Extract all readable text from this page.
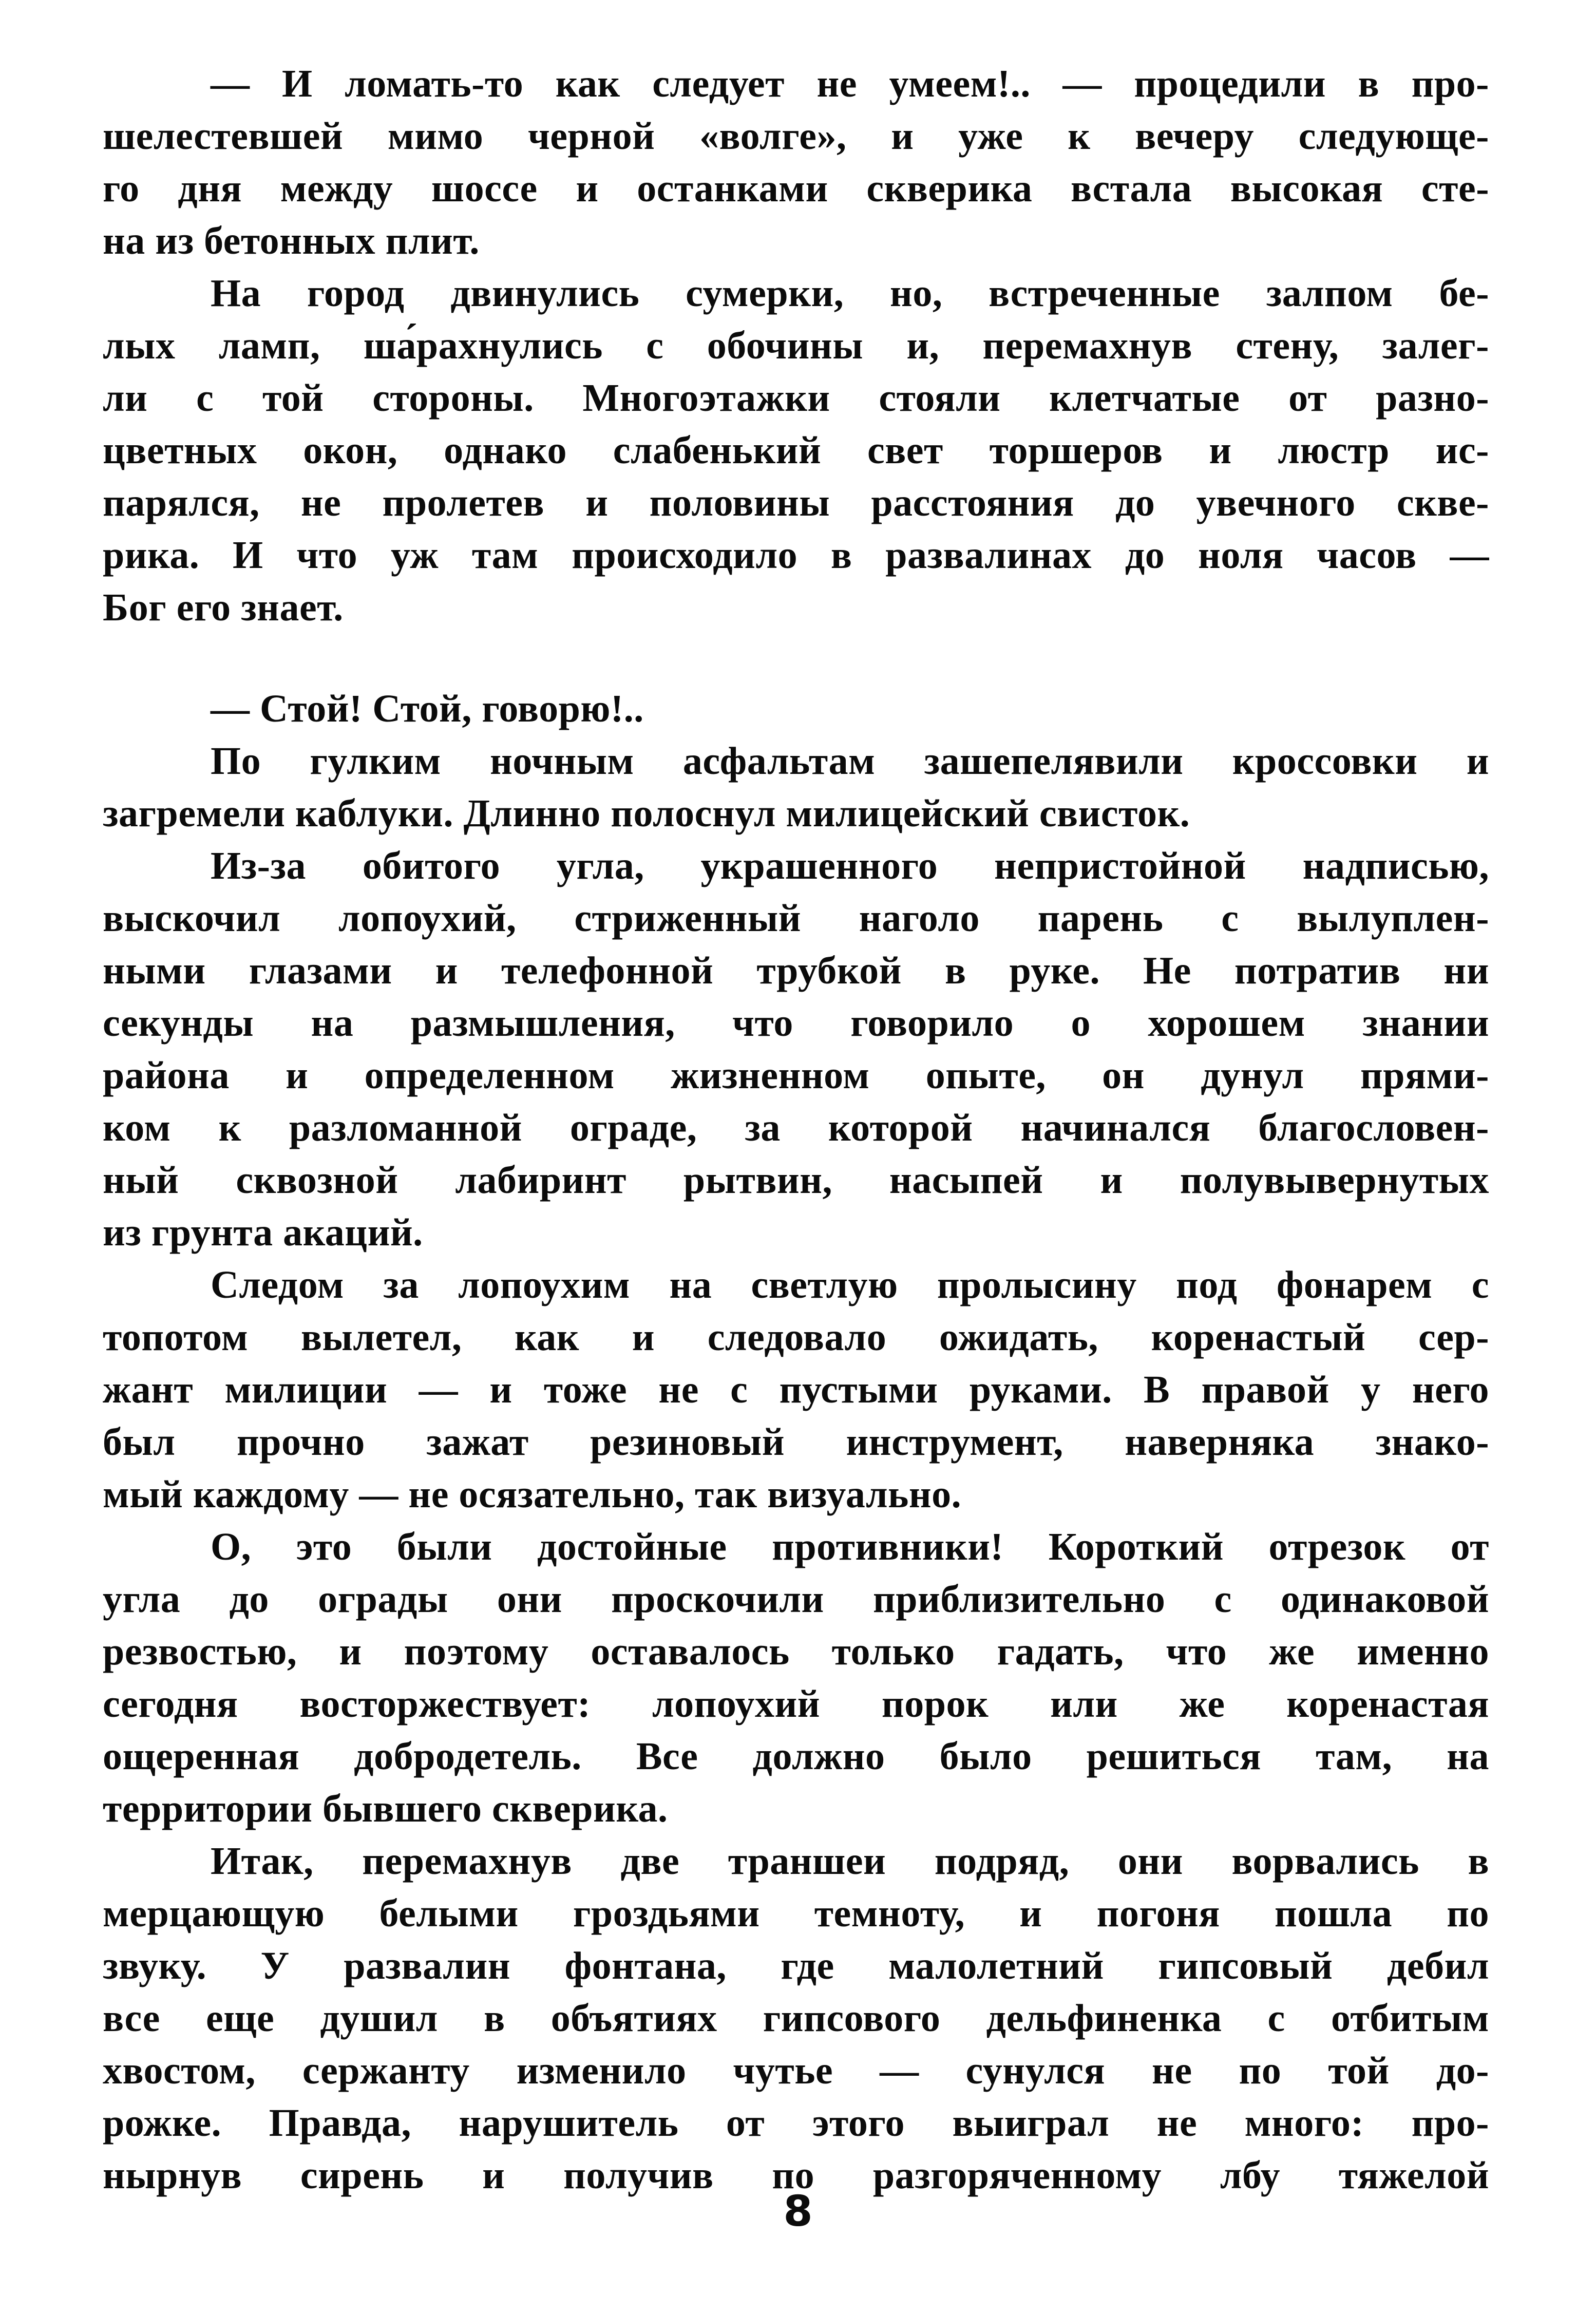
— И ломать-то как следует не умеем!.. — процедили в про-
шелестевшей мимо черной «волге», и уже к вечеру следующе-
го дня между шоссе и останками скверика встала высокая сте-
на из бетонных плит.
На город двинулись сумерки, но, встреченные залпом бе-
лых ламп, ша́рахнулись с обочины и, перемахнув стену, залег-
ли с той стороны. Многоэтажки стояли клетчатые от разно-
цветных окон, однако слабенький свет торшеров и люстр ис-
парялся, не пролетев и половины расстояния до увечного скве-
рика. И что уж там происходило в развалинах до ноля часов —
Бог его знает.
— Стой! Стой, говорю!..
По гулким ночным асфальтам зашепелявили кроссовки и
загремели каблуки. Длинно полоснул милицейский свисток.
Из-за обитого угла, украшенного непристойной надписью,
выскочил лопоухий, стриженный наголо парень с вылуплен-
ными глазами и телефонной трубкой в руке. Не потратив ни
секунды на размышления, что говорило о хорошем знании
района и определенном жизненном опыте, он дунул прями-
ком к разломанной ограде, за которой начинался благословен-
ный сквозной лабиринт рытвин, насыпей и полувывернутых
из грунта акаций.
Следом за лопоухим на светлую пролысину под фонарем с
топотом вылетел, как и следовало ожидать, коренастый сер-
жант милиции — и тоже не с пустыми руками. В правой у него
был прочно зажат резиновый инструмент, наверняка знако-
мый каждому — не осязательно, так визуально.
О, это были достойные противники! Короткий отрезок от
угла до ограды они проскочили приблизительно с одинаковой
резвостью, и поэтому оставалось только гадать, что же именно
сегодня восторжествует: лопоухий порок или же коренастая
ощеренная добродетель. Все должно было решиться там, на
территории бывшего скверика.
Итак, перемахнув две траншеи подряд, они ворвались в
мерцающую белыми гроздьями темноту, и погоня пошла по
звуку. У развалин фонтана, где малолетний гипсовый дебил
все еще душил в объятиях гипсового дельфиненка с отбитым
хвостом, сержанту изменило чутье — сунулся не по той до-
рожке. Правда, нарушитель от этого выиграл не много: про-
нырнув сирень и получив по разгоряченному лбу тяжелой
8
